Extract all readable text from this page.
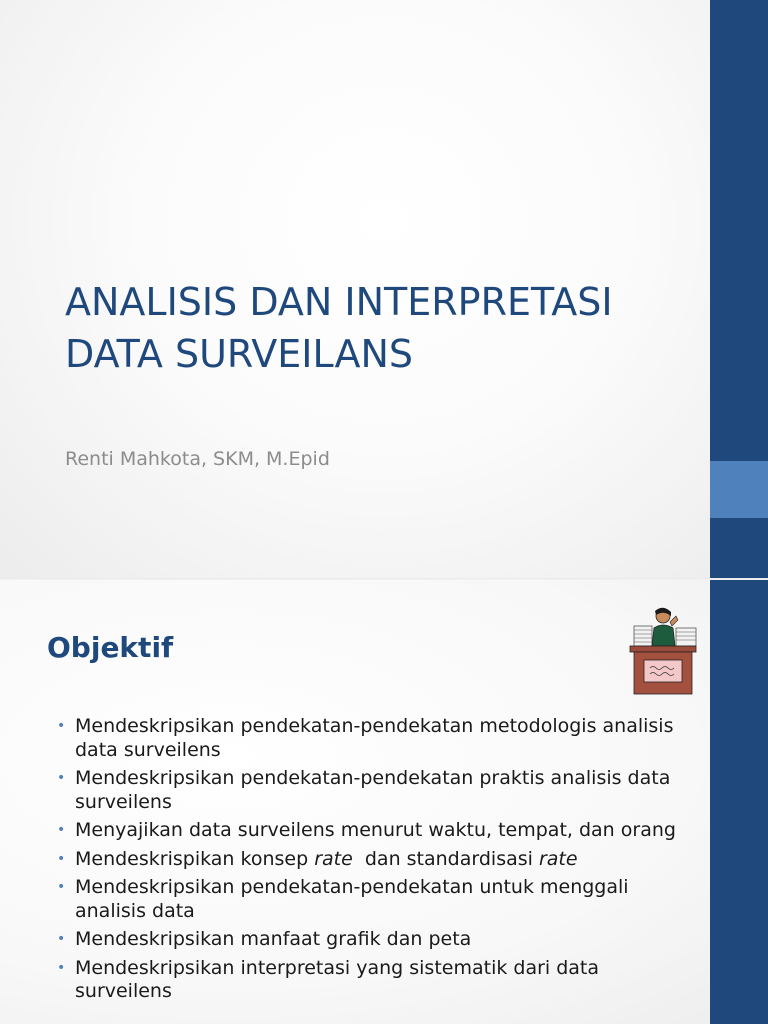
ANALISIS DAN INTERPRETASI
DATA SURVEILANS

Renti Mahkota, SKM, M.Epid

Objektif
• Mendeskripsikan pendekatan-pendekatan metodologis analisis data surveilens
• Mendeskripsikan pendekatan-pendekatan praktis analisis data surveilens
• Menyajikan data surveilens menurut waktu, tempat, dan orang
• Mendeskrispikan konsep rate  dan standardisasi rate
• Mendeskripsikan pendekatan-pendekatan untuk menggali analisis data
• Mendeskripsikan manfaat grafik dan peta
• Mendeskripsikan interpretasi yang sistematik dari data surveilens
